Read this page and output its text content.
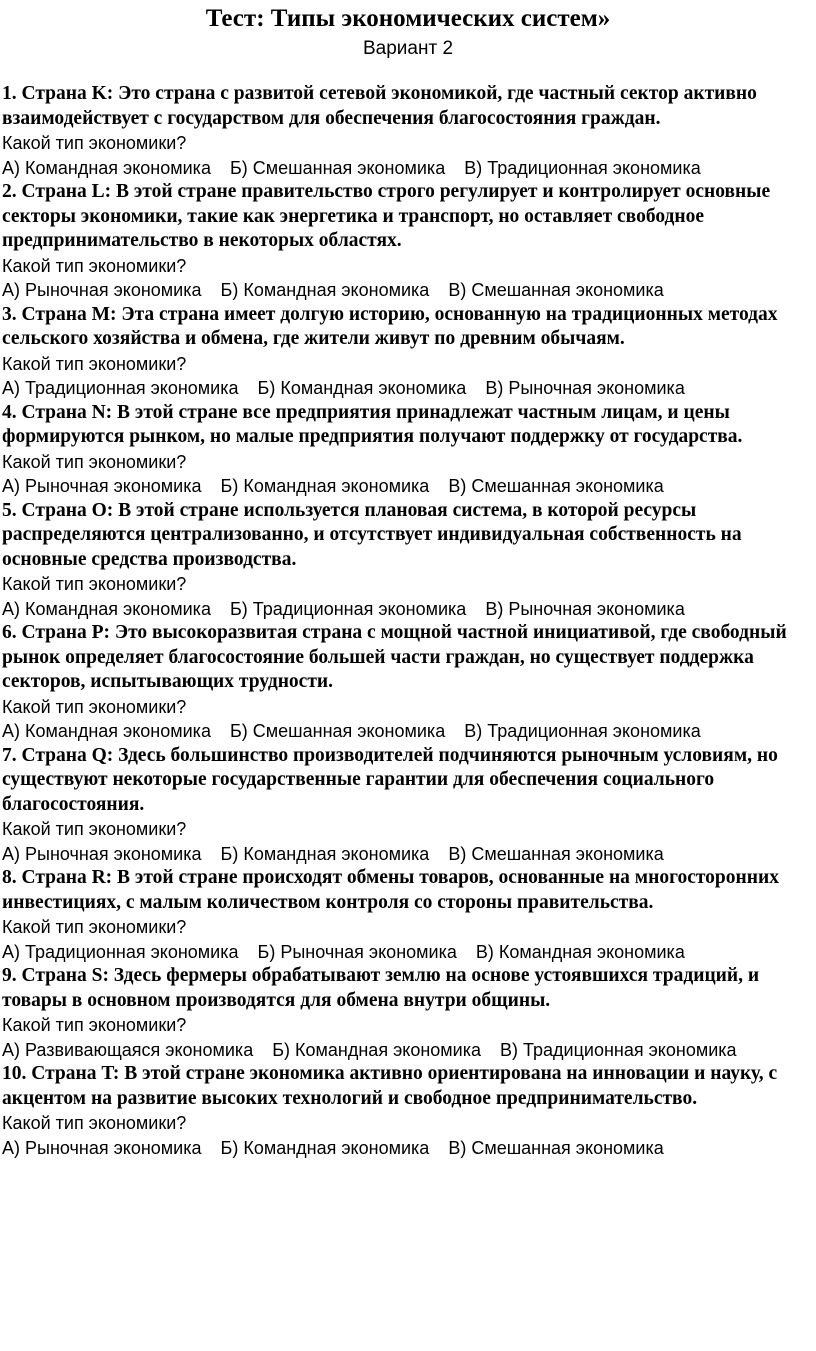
Тест: Типы экономических систем»
Вариант 2

1. Страна K: Это страна с развитой сетевой экономикой, где частный сектор активно взаимодействует с государством для обеспечения благосостояния граждан.

Какой тип экономики?

А) Командная экономика Б) Смешанная экономика В) Традиционная экономика

2. Страна L: В этой стране правительство строго регулирует и контролирует основные секторы экономики, такие как энергетика и транспорт, но оставляет свободное предпринимательство в некоторых областях.

Какой тип экономики?

А) Рыночная экономика Б) Командная экономика В) Смешанная экономика

3. Страна M: Эта страна имеет долгую историю, основанную на традиционных методах сельского хозяйства и обмена, где жители живут по древним обычаям.

Какой тип экономики?

А) Традиционная экономика Б) Командная экономика В) Рыночная экономика

4. Страна N: В этой стране все предприятия принадлежат частным лицам, и цены формируются рынком, но малые предприятия получают поддержку от государства.

Какой тип экономики?

А) Рыночная экономика Б) Командная экономика В) Смешанная экономика

5. Страна O: В этой стране используется плановая система, в которой ресурсы распределяются централизованно, и отсутствует индивидуальная собственность на основные средства производства.

Какой тип экономики?

А) Командная экономика Б) Традиционная экономика В) Рыночная экономика

6. Страна P: Это высокоразвитая страна с мощной частной инициативой, где свободный рынок определяет благосостояние большей части граждан, но существует поддержка секторов, испытывающих трудности.

Какой тип экономики?

А) Командная экономика Б) Смешанная экономика В) Традиционная экономика

7. Страна Q: Здесь большинство производителей подчиняются рыночным условиям, но существуют некоторые государственные гарантии для обеспечения социального благосостояния.

Какой тип экономики?

А) Рыночная экономика Б) Командная экономика В) Смешанная экономика

8. Страна R: В этой стране происходят обмены товаров, основанные на многосторонних инвестициях, с малым количеством контроля со стороны правительства.

Какой тип экономики?

А) Традиционная экономика Б) Рыночная экономика В) Командная экономика

9. Страна S: Здесь фермеры обрабатывают землю на основе устоявшихся традиций, и товары в основном производятся для обмена внутри общины.

Какой тип экономики?

А) Развивающаяся экономика Б) Командная экономика В) Традиционная экономика

10. Страна T: В этой стране экономика активно ориентирована на инновации и науку, с акцентом на развитие высоких технологий и свободное предпринимательство.

Какой тип экономики?

А) Рыночная экономика Б) Командная экономика В) Смешанная экономика
